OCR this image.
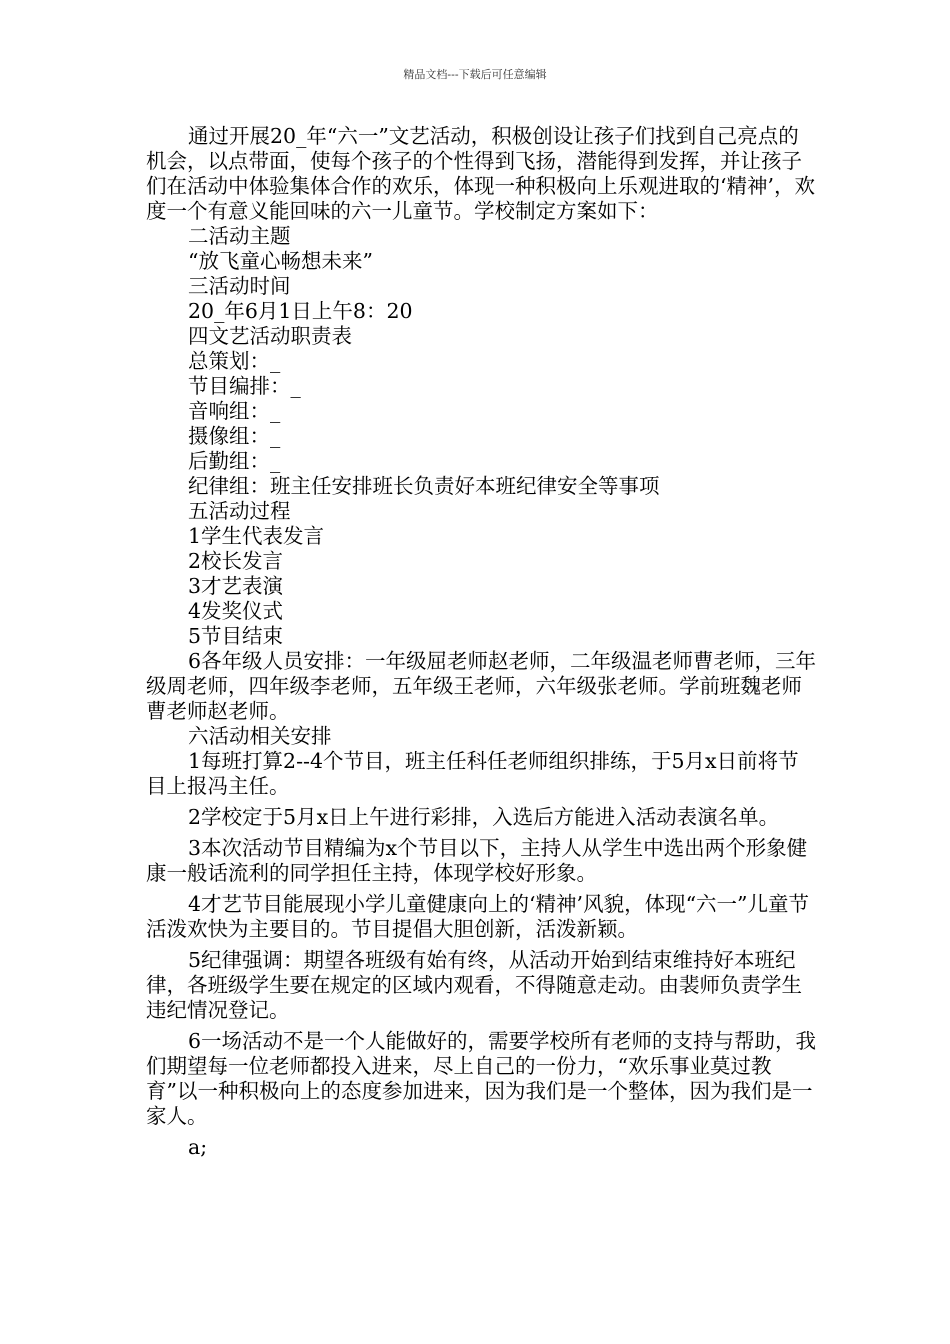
精品文档---下载后可任意编辑

通过开展20_年“六一”文艺活动，积极创设让孩子们找到自己亮点的机会，以点带面，使每个孩子的个性得到飞扬，潜能得到发挥，并让孩子们在活动中体验集体合作的欢乐，体现一种积极向上乐观进取的‘精神’，欢度一个有意义能回味的六一儿童节。学校制定方案如下：

二活动主题

“放飞童心畅想未来”

三活动时间

20_年6月1日上午8：20

四文艺活动职责表

总策划：_

节目编排：_

音响组：_

摄像组：_

后勤组：_

纪律组：班主任安排班长负责好本班纪律安全等事项

五活动过程

1学生代表发言

2校长发言

3才艺表演

4发奖仪式

5节目结束

6各年级人员安排：一年级屈老师赵老师，二年级温老师曹老师，三年级周老师，四年级李老师，五年级王老师，六年级张老师。学前班魏老师曹老师赵老师。

六活动相关安排

1每班打算2--4个节目，班主任科任老师组织排练，于5月x日前将节目上报冯主任。

2学校定于5月x日上午进行彩排，入选后方能进入活动表演名单。

3本次活动节目精编为x个节目以下，主持人从学生中选出两个形象健康一般话流利的同学担任主持，体现学校好形象。

4才艺节目能展现小学儿童健康向上的‘精神’风貌，体现“六一”儿童节活泼欢快为主要目的。节目提倡大胆创新，活泼新颖。

5纪律强调：期望各班级有始有终，从活动开始到结束维持好本班纪律，各班级学生要在规定的区域内观看，不得随意走动。由裴师负责学生违纪情况登记。

6一场活动不是一个人能做好的，需要学校所有老师的支持与帮助，我们期望每一位老师都投入进来，尽上自己的一份力，“欢乐事业莫过教育”以一种积极向上的态度参加进来，因为我们是一个整体，因为我们是一家人。

a;
